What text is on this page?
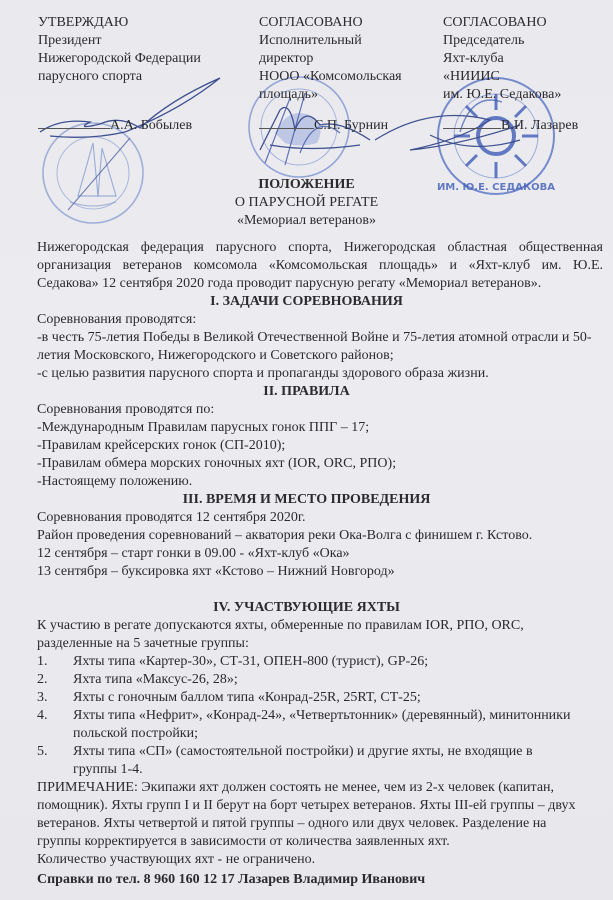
ИМ. Ю.Е. СЕДАКОВА
УТВЕРЖДАЮ
Президент
Нижегородской Федерации
парусного спорта
А.А. Бобылев
СОГЛАСОВАНО
Исполнительный
директор
НООО «Комсомольская
площадь»
С.П. Бурнин
СОГЛАСОВАНО
Председатель
Яхт-клуба
«НИИИС
им. Ю.Е. Седакова»
В.И. Лазарев
ПОЛОЖЕНИЕ
О ПАРУСНОЙ РЕГАТЕ
«Мемориал ветеранов»
Нижегородская федерация парусного спорта, Нижегородская областная общественная организация ветеранов комсомола «Комсомольская площадь» и «Яхт-клуб им. Ю.Е. Седакова» 12 сентября 2020 года проводит парусную регату «Мемориал ветеранов».
I. ЗАДАЧИ СОРЕВНОВАНИЯ
Соревнования проводятся:
-в честь 75-летия Победы в Великой Отечественной Войне и 75-летия атомной отрасли и 50-летия Московского, Нижегородского и Советского районов;
-с целью развития парусного спорта и пропаганды здорового образа жизни.
II. ПРАВИЛА
Соревнования проводятся по:
-Международным Правилам парусных гонок ППГ – 17;
-Правилам крейсерских гонок (СП-2010);
-Правилам обмера морских гоночных яхт (IOR, ORC, РПО);
-Настоящему положению.
III. ВРЕМЯ И МЕСТО ПРОВЕДЕНИЯ
Соревнования проводятся 12 сентября 2020г.
Район проведения соревнований – акватория реки Ока-Волга с финишем г. Кстово.
12 сентября – старт гонки в 09.00 - «Яхт-клуб «Ока»
13 сентября – буксировка яхт «Кстово – Нижний Новгород»
IV. УЧАСТВУЮЩИЕ ЯХТЫ
К участию в регате допускаются яхты, обмеренные по правилам IOR, РПО, ORC, разделенные на 5 зачетные группы:
1.	Яхты типа «Картер-30», СТ-31, ОПЕН-800 (турист), GP-26;
2.	Яхта типа «Максус-26, 28»;
3.	Яхты с гоночным баллом типа «Конрад-25R, 25RT, СТ-25;
4.	Яхты типа «Нефрит», «Конрад-24», «Четвертьтонник» (деревянный), минитонники польской постройки;
5.	Яхты типа «СП» (самостоятельной постройки) и другие яхты, не входящие в группы 1-4.
ПРИМЕЧАНИЕ: Экипажи яхт должен состоять не менее, чем из 2-х человек (капитан, помощник). Яхты групп I и II берут на борт четырех ветеранов. Яхты III-ей группы – двух ветеранов. Яхты четвертой и пятой группы – одного или двух человек. Разделение на группы корректируется в зависимости от количества заявленных яхт.
Количество участвующих яхт - не ограничено.
Справки по тел. 8 960 160 12 17 Лазарев Владимир Иванович
